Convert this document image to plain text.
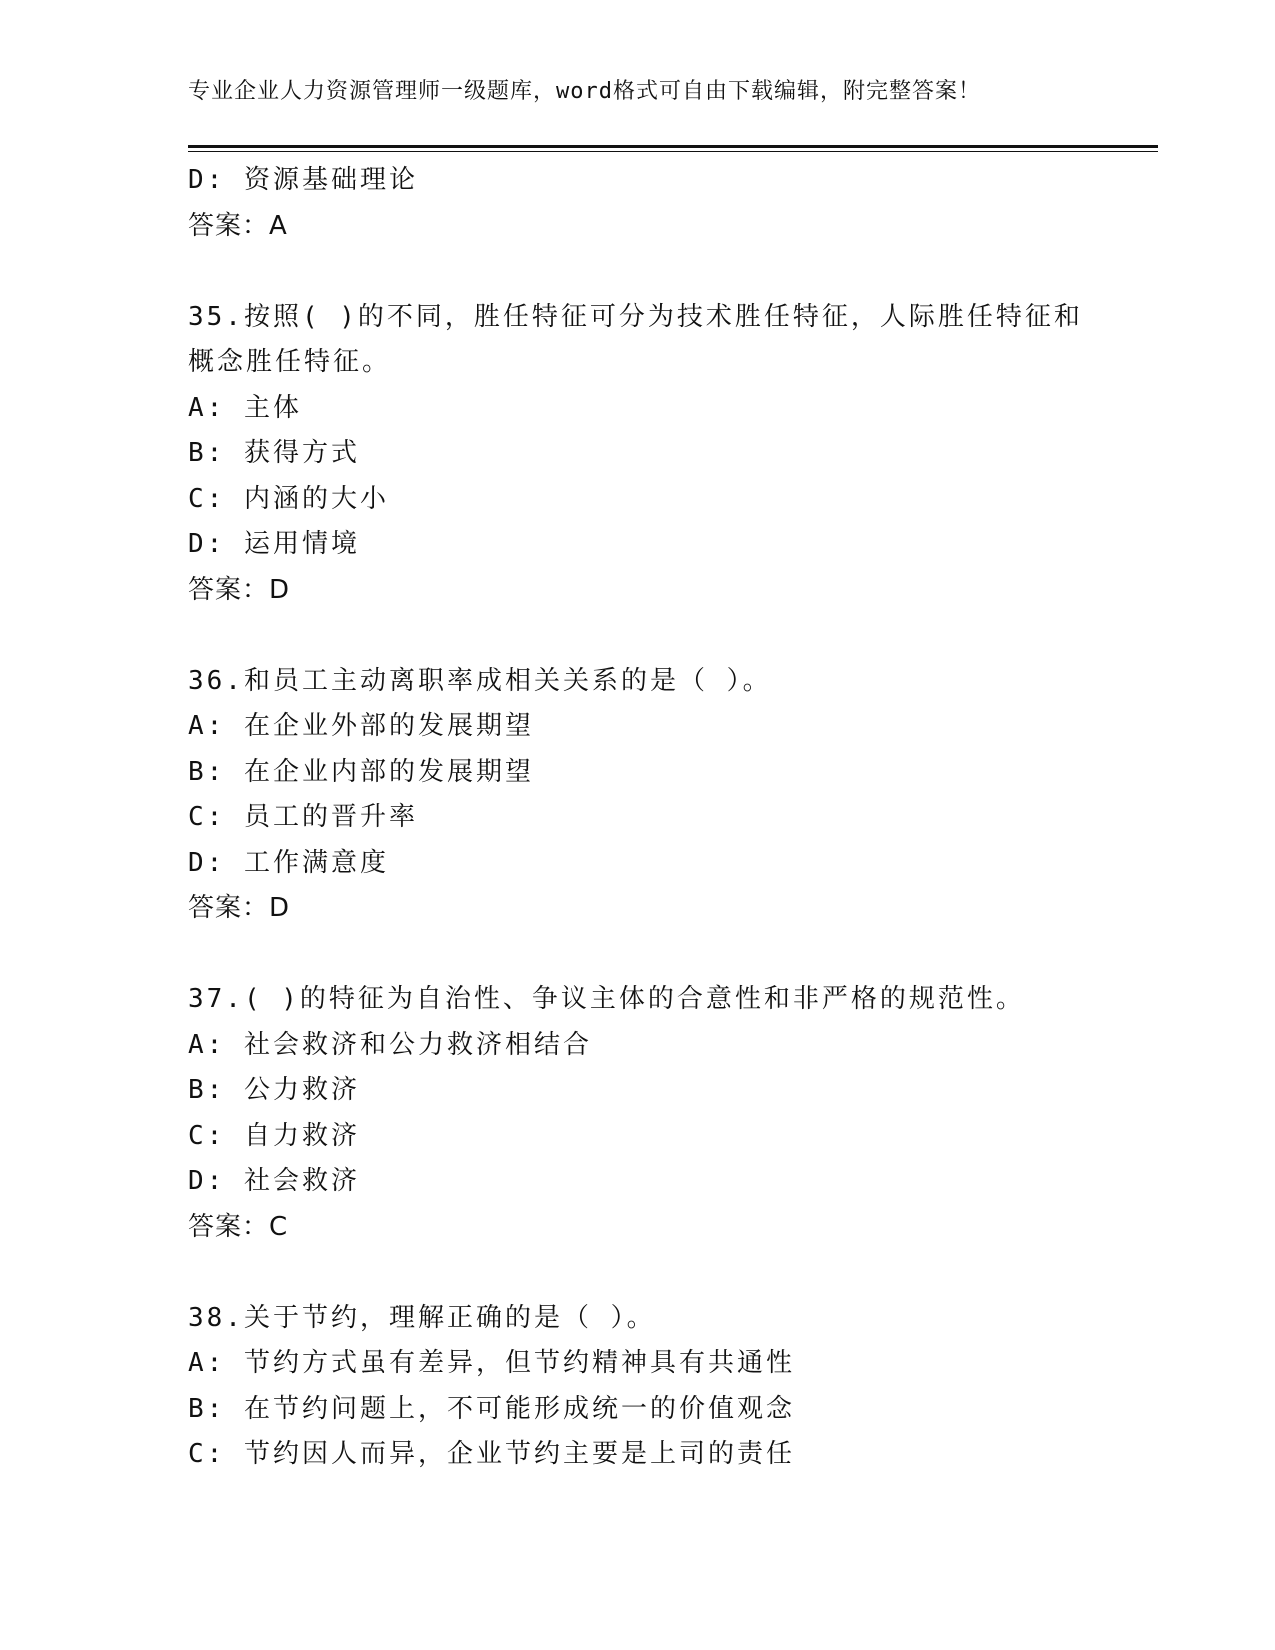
专业企业人力资源管理师一级题库，word格式可自由下载编辑，附完整答案！
D: 资源基础理论
答案：A
35.按照( )的不同，胜任特征可分为技术胜任特征，人际胜任特征和
概念胜任特征。
A: 主体
B: 获得方式
C: 内涵的大小
D: 运用情境
答案：D
36.和员工主动离职率成相关关系的是（ ）。
A: 在企业外部的发展期望
B: 在企业内部的发展期望
C: 员工的晋升率
D: 工作满意度
答案：D
37.( )的特征为自治性、争议主体的合意性和非严格的规范性。
A: 社会救济和公力救济相结合
B: 公力救济
C: 自力救济
D: 社会救济
答案：C
38.关于节约，理解正确的是（ ）。
A: 节约方式虽有差异，但节约精神具有共通性
B: 在节约问题上，不可能形成统一的价值观念
C: 节约因人而异，企业节约主要是上司的责任
